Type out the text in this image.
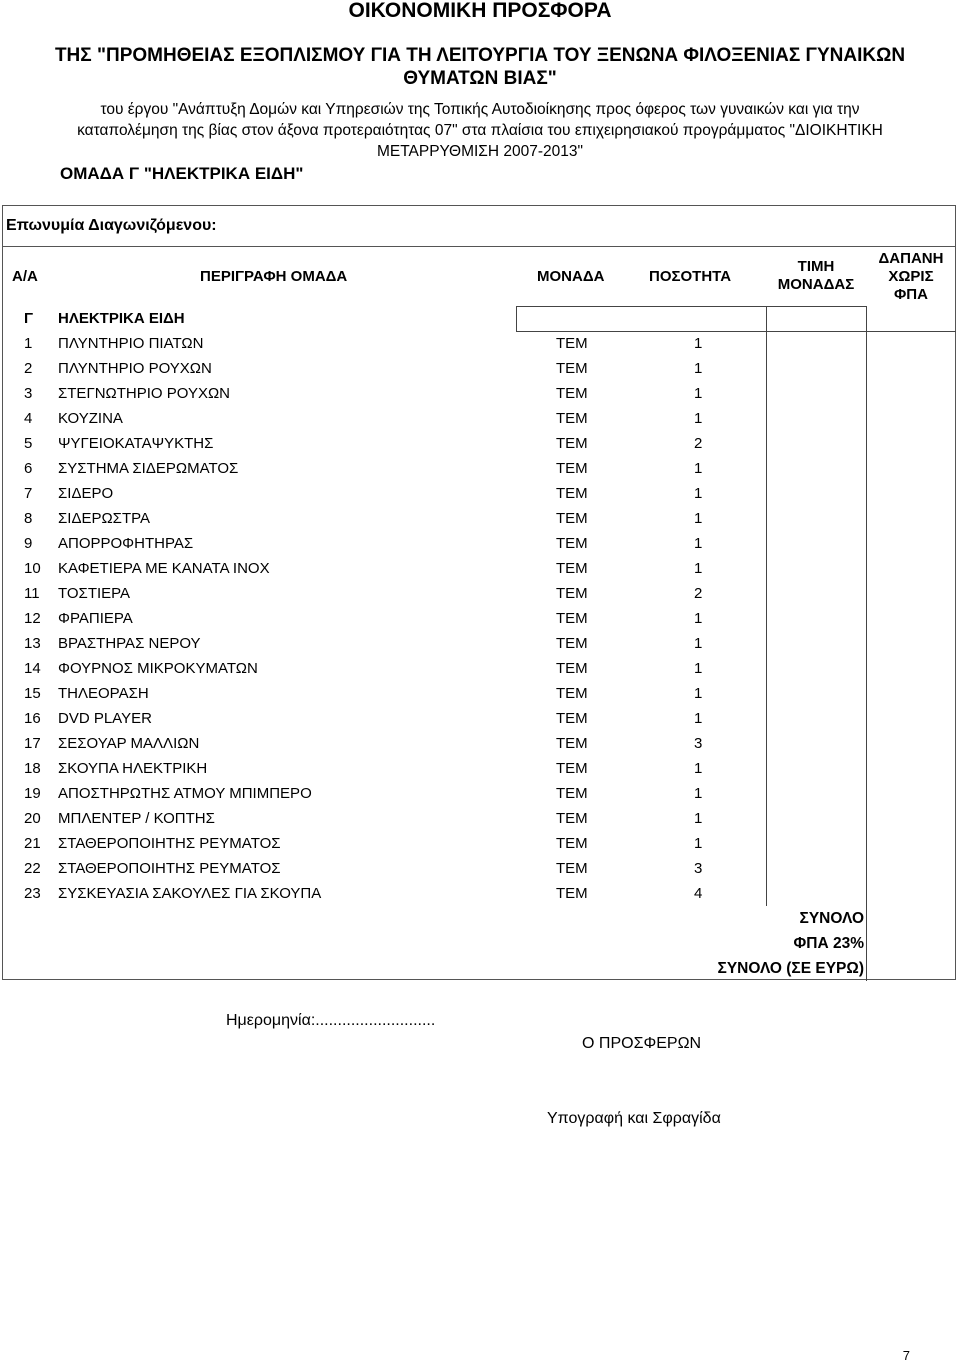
ΟΙΚΟΝΟΜΙΚΗ ΠΡΟΣΦΟΡΑ
ΤΗΣ "ΠΡΟΜΗΘΕΙΑΣ ΕΞΟΠΛΙΣΜΟΥ ΓΙΑ ΤΗ ΛΕΙΤΟΥΡΓΙΑ ΤΟΥ ΞΕΝΩΝΑ ΦΙΛΟΞΕΝΙΑΣ ΓΥΝΑΙΚΩΝ
ΘΥΜΑΤΩΝ ΒΙΑΣ"
του έργου "Ανάπτυξη Δομών και Υπηρεσιών της Τοπικής Αυτοδιοίκησης προς όφερος των γυναικών και για την
καταπολέμηση της βίας στον άξονα προτεραιότητας 07" στα πλαίσια του επιχειρησιακού προγράμματος "ΔΙΟΙΚΗΤΙΚΗ
ΜΕΤΑΡΡΥΘΜΙΣΗ 2007-2013"
ΟΜΑΔΑ Γ "ΗΛΕΚΤΡΙΚΑ ΕΙΔΗ"
Επωνυμία Διαγωνιζόμενου:
Α/Α	ΠΕΡΙΓΡΑΦΗ ΟΜΑΔΑ	ΜΟΝΑΔΑ	ΠΟΣΟΤΗΤΑ
ΤΙΜΗ
ΜΟΝΑΔΑΣ
ΔΑΠΑΝΗ
ΧΩΡΙΣ
ΦΠΑ
Γ ΗΛΕΚΤΡΙΚΑ ΕΙΔΗ
1	ΠΛΥΝΤΗΡΙΟ ΠΙΑΤΩΝ	ΤΕΜ	1
2	ΠΛΥΝΤΗΡΙΟ ΡΟΥΧΩΝ	ΤΕΜ	1
3	ΣΤΕΓΝΩΤΗΡΙΟ ΡΟΥΧΩΝ	ΤΕΜ	1
4	ΚΟΥΖΙΝΑ	ΤΕΜ	1
5	ΨΥΓΕΙΟΚΑΤΑΨΥΚΤΗΣ	ΤΕΜ	2
6	ΣΥΣΤΗΜΑ ΣΙΔΕΡΩΜΑΤΟΣ	ΤΕΜ	1
7	ΣΙΔΕΡΟ	ΤΕΜ	1
8	ΣΙΔΕΡΩΣΤΡΑ	ΤΕΜ	1
9	ΑΠΟΡΡΟΦΗΤΗΡΑΣ	ΤΕΜ	1
10	ΚΑΦΕΤΙΕΡΑ ΜΕ ΚΑΝΑΤΑ ΙΝΟΧ	ΤΕΜ	1
11	ΤΟΣΤΙΕΡΑ	ΤΕΜ	2
12	ΦΡΑΠΙΕΡΑ	ΤΕΜ	1
13	ΒΡΑΣΤΗΡΑΣ ΝΕΡΟΥ	ΤΕΜ	1
14	ΦΟΥΡΝΟΣ ΜΙΚΡΟΚΥΜΑΤΩΝ	ΤΕΜ	1
15	ΤΗΛΕΟΡΑΣΗ	ΤΕΜ	1
16	DVD PLAYER	ΤΕΜ	1
17	ΣΕΣΟΥΑΡ ΜΑΛΛΙΩΝ	ΤΕΜ	3
18	ΣΚΟΥΠΑ ΗΛΕΚΤΡΙΚΗ	ΤΕΜ	1
19	ΑΠΟΣΤΗΡΩΤΗΣ ΑΤΜΟΥ ΜΠΙΜΠΕΡΟ	ΤΕΜ	1
20	ΜΠΛΕΝΤΕΡ / ΚΟΠΤΗΣ	ΤΕΜ	1
21	ΣΤΑΘΕΡΟΠΟΙΗΤΗΣ ΡΕΥΜΑΤΟΣ	ΤΕΜ	1
22	ΣΤΑΘΕΡΟΠΟΙΗΤΗΣ ΡΕΥΜΑΤΟΣ	ΤΕΜ	3
23	ΣΥΣΚΕΥΑΣΙΑ ΣΑΚΟΥΛΕΣ ΓΙΑ ΣΚΟΥΠΑ	ΤΕΜ	4
ΣΥΝΟΛΟ
ΦΠΑ 23%
ΣΥΝΟΛΟ (ΣΕ ΕΥΡΩ)
Ημερομηνία:...........................
Ο ΠΡΟΣΦΕΡΩΝ
Υπογραφή και Σφραγίδα
7
